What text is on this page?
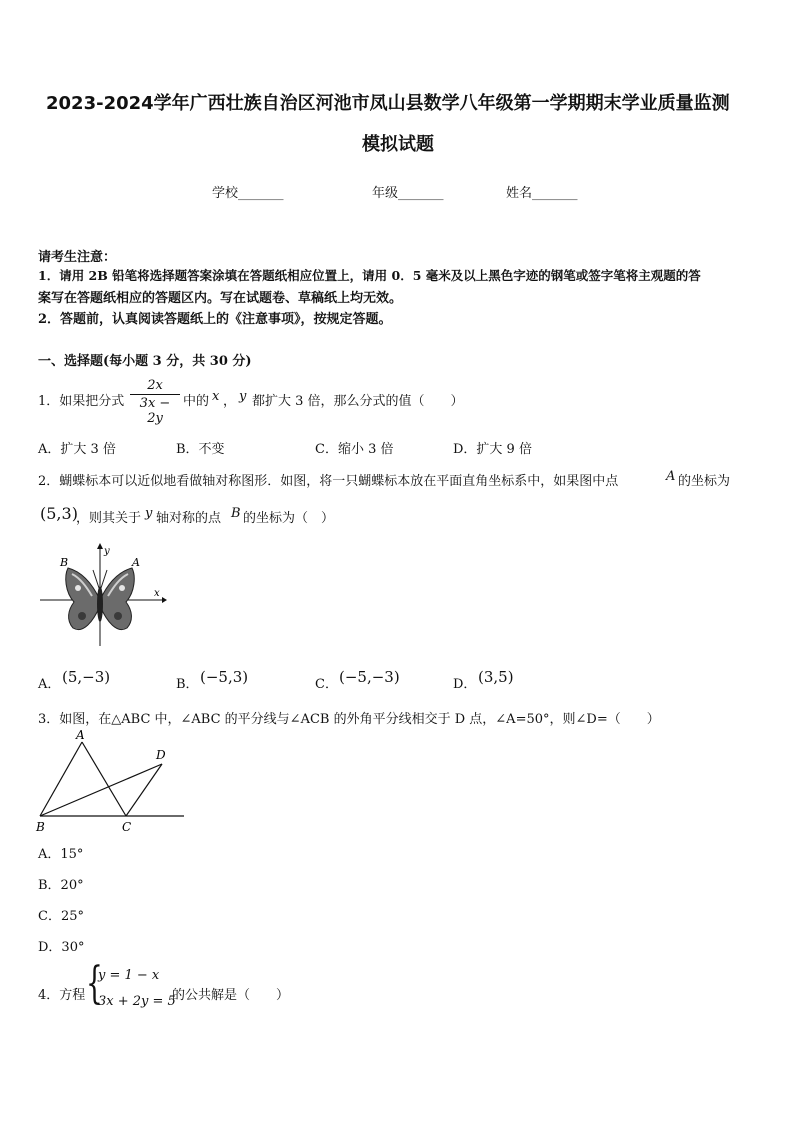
2023-2024学年广西壮族自治区河池市凤山县数学八年级第一学期期末学业质量监测
模拟试题
学校_______	年级_______	姓名_______
请考生注意：
1．请用 2B 铅笔将选择题答案涂填在答题纸相应位置上，请用 0．5 毫米及以上黑色字迹的钢笔或签字笔将主观题的答
案写在答题纸相应的答题区内。写在试题卷、草稿纸上均无效。
2．答题前，认真阅读答题纸上的《注意事项》，按规定答题。
一、选择题(每小题 3 分，共 30 分)
1．如果把分式
2x
3x − 2y
中的 x ， y 都扩大 3 倍，那么分式的值（　　）
A．扩大 3 倍	B．不变	C．缩小 3 倍	D．扩大 9 倍
2．蝴蝶标本可以近似地看做轴对称图形．如图，将一只蝴蝶标本放在平面直角坐标系中，如果图中点	A 的坐标为
(5,3)
，则其关于 y 轴对称的点 B 的坐标为（　）
B	A
y
x
A． (5,−3)	B． (−5,3)	C． (−5,−3)	D． (3,5)
3．如图，在△ABC 中，∠ABC 的平分线与∠ACB 的外角平分线相交于 D 点，∠A=50°，则∠D=（　　）
A
B	C
D
A．15°
B．20°
C．25°
D．30°
4．方程 {
y = 1 − x
3x + 2y = 5
的公共解是（　　）
